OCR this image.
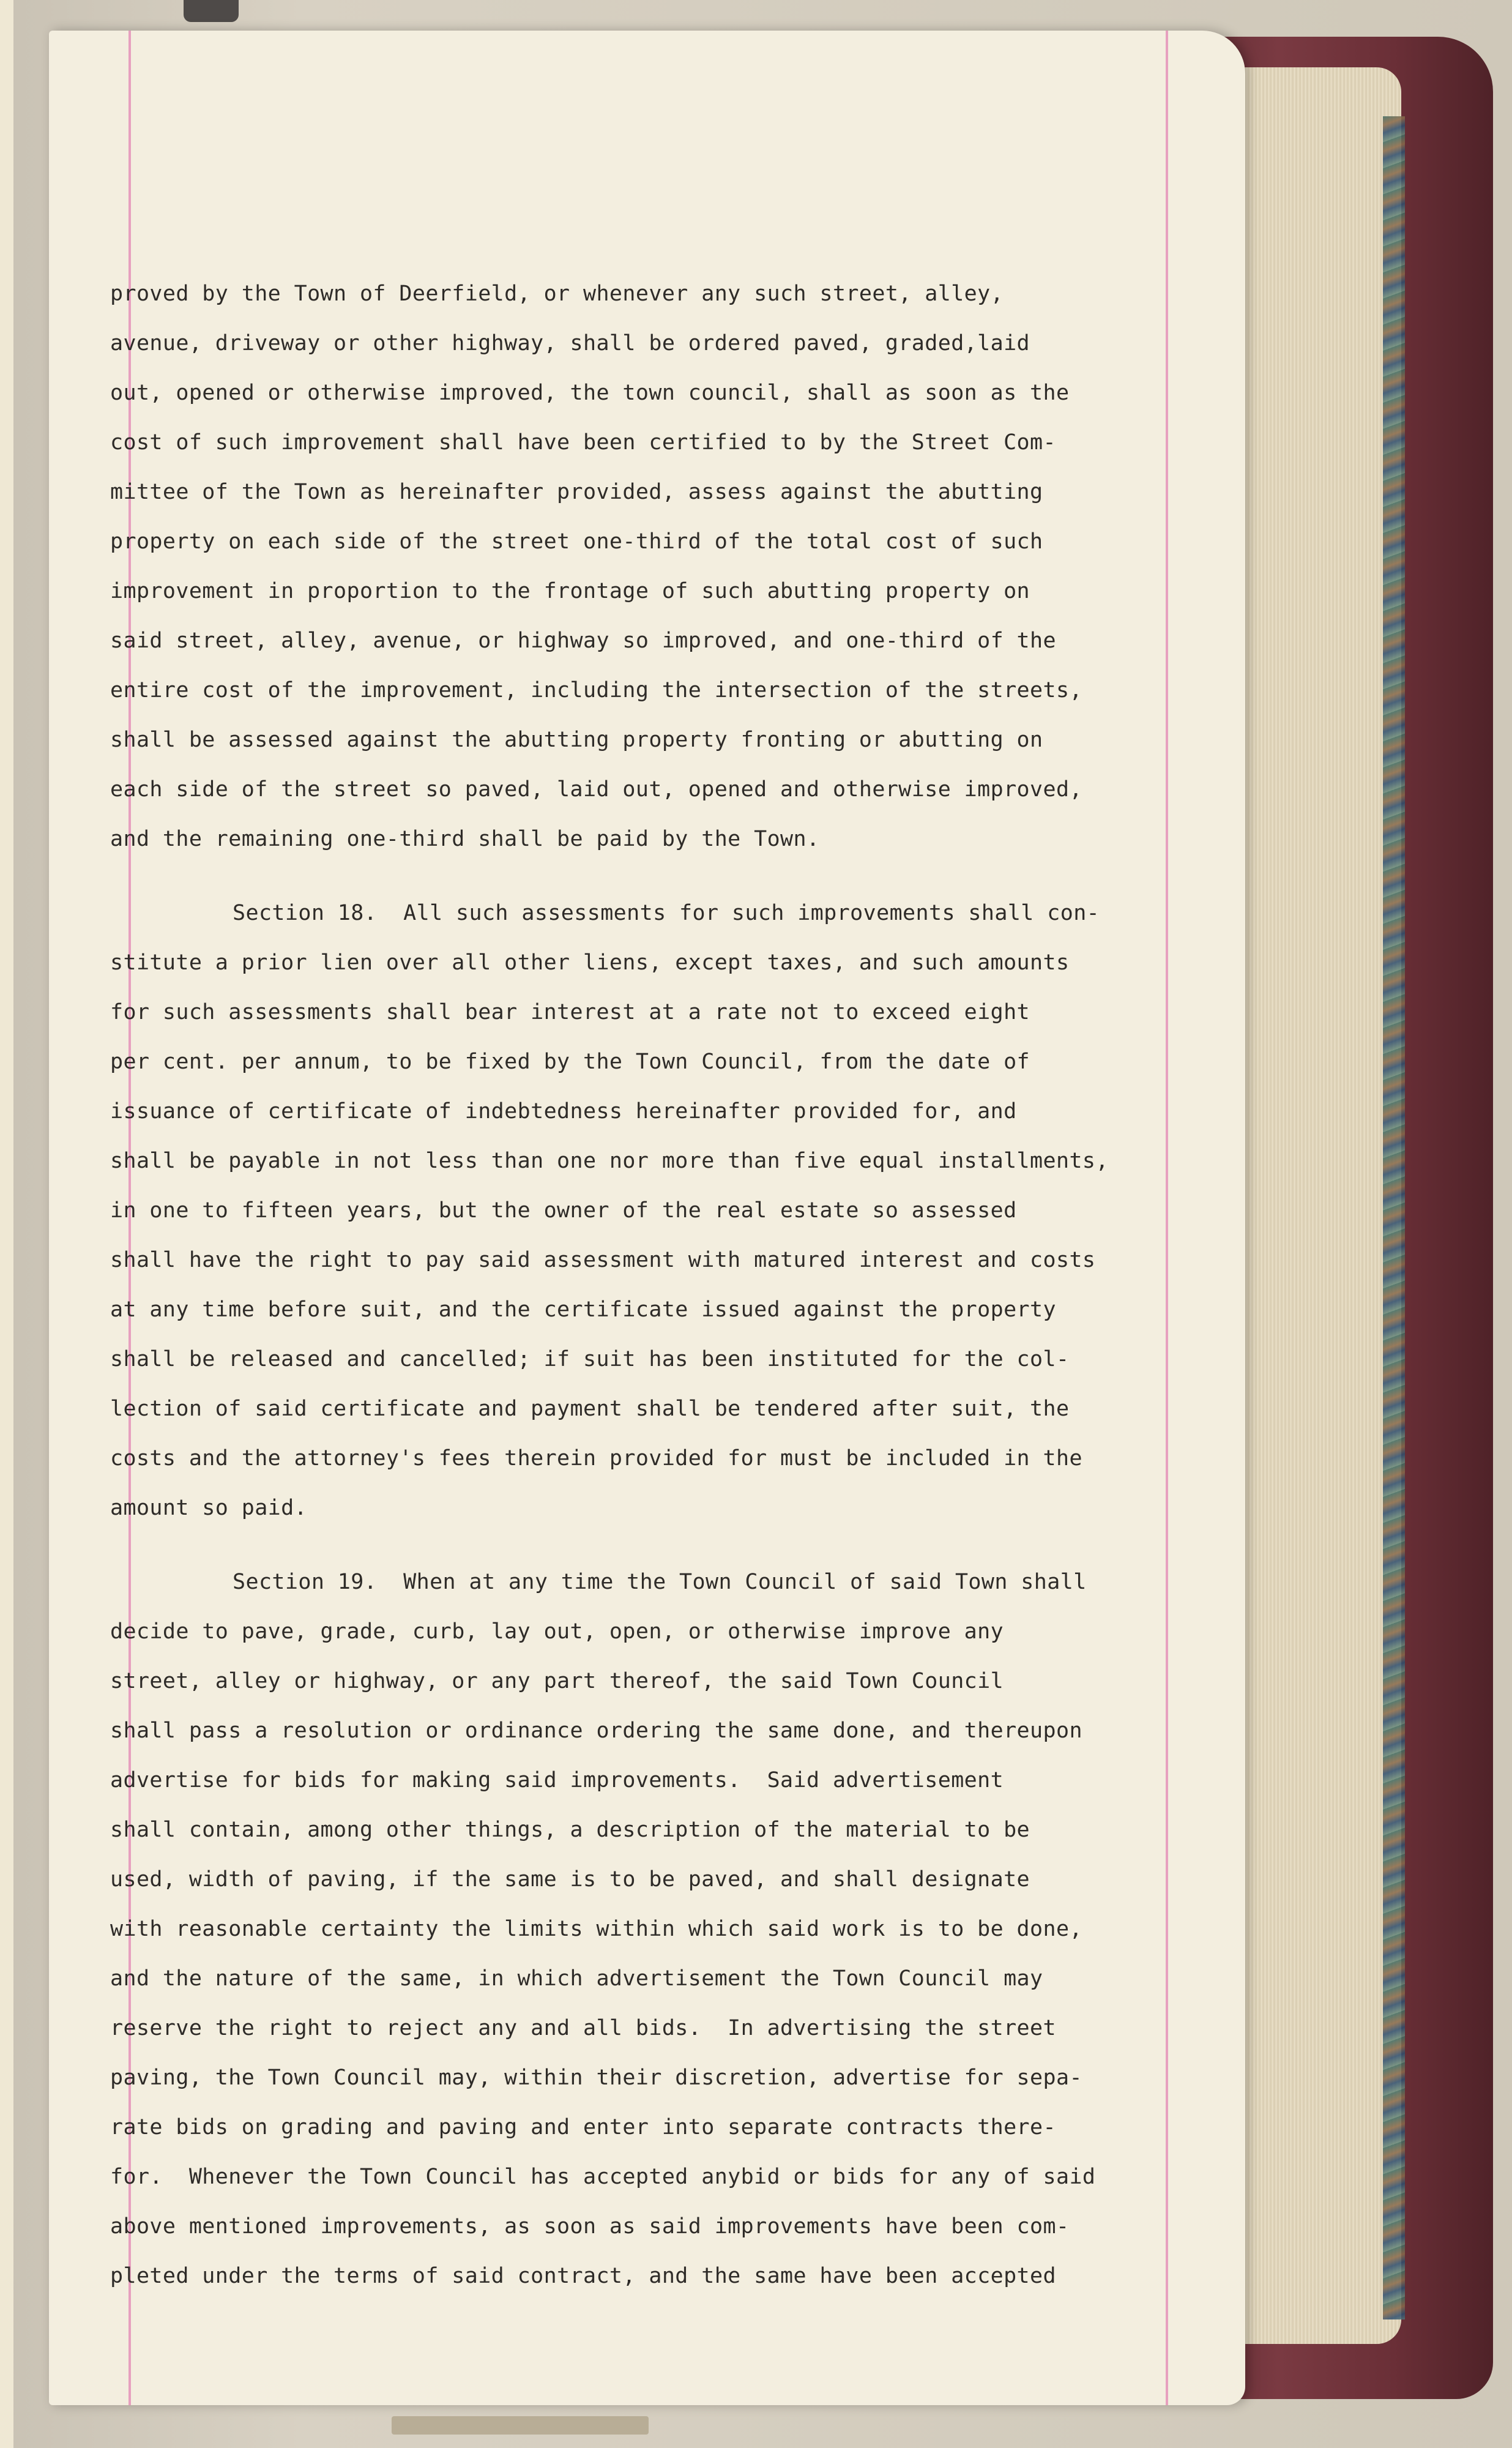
proved by the Town of Deerfield, or whenever any such street, alley,
avenue, driveway or other highway, shall be ordered paved, graded,laid
out, opened or otherwise improved, the town council, shall as soon as the
cost of such improvement shall have been certified to by the Street Com-
mittee of the Town as hereinafter provided, assess against the abutting
property on each side of the street one-third of the total cost of such
improvement in proportion to the frontage of such abutting property on
said street, alley, avenue, or highway so improved, and one-third of the
entire cost of the improvement, including the intersection of the streets,
shall be assessed against the abutting property fronting or abutting on
each side of the street so paved, laid out, opened and otherwise improved,
and the remaining one-third shall be paid by the Town.
Section 18.  All such assessments for such improvements shall con-
stitute a prior lien over all other liens, except taxes, and such amounts
for such assessments shall bear interest at a rate not to exceed eight
per cent. per annum, to be fixed by the Town Council, from the date of
issuance of certificate of indebtedness hereinafter provided for, and
shall be payable in not less than one nor more than five equal installments,
in one to fifteen years, but the owner of the real estate so assessed
shall have the right to pay said assessment with matured interest and costs
at any time before suit, and the certificate issued against the property
shall be released and cancelled; if suit has been instituted for the col-
lection of said certificate and payment shall be tendered after suit, the
costs and the attorney's fees therein provided for must be included in the
amount so paid.
Section 19.  When at any time the Town Council of said Town shall
decide to pave, grade, curb, lay out, open, or otherwise improve any
street, alley or highway, or any part thereof, the said Town Council
shall pass a resolution or ordinance ordering the same done, and thereupon
advertise for bids for making said improvements.  Said advertisement
shall contain, among other things, a description of the material to be
used, width of paving, if the same is to be paved, and shall designate
with reasonable certainty the limits within which said work is to be done,
and the nature of the same, in which advertisement the Town Council may
reserve the right to reject any and all bids.  In advertising the street
paving, the Town Council may, within their discretion, advertise for sepa-
rate bids on grading and paving and enter into separate contracts there-
for.  Whenever the Town Council has accepted anybid or bids for any of said
above mentioned improvements, as soon as said improvements have been com-
pleted under the terms of said contract, and the same have been accepted
